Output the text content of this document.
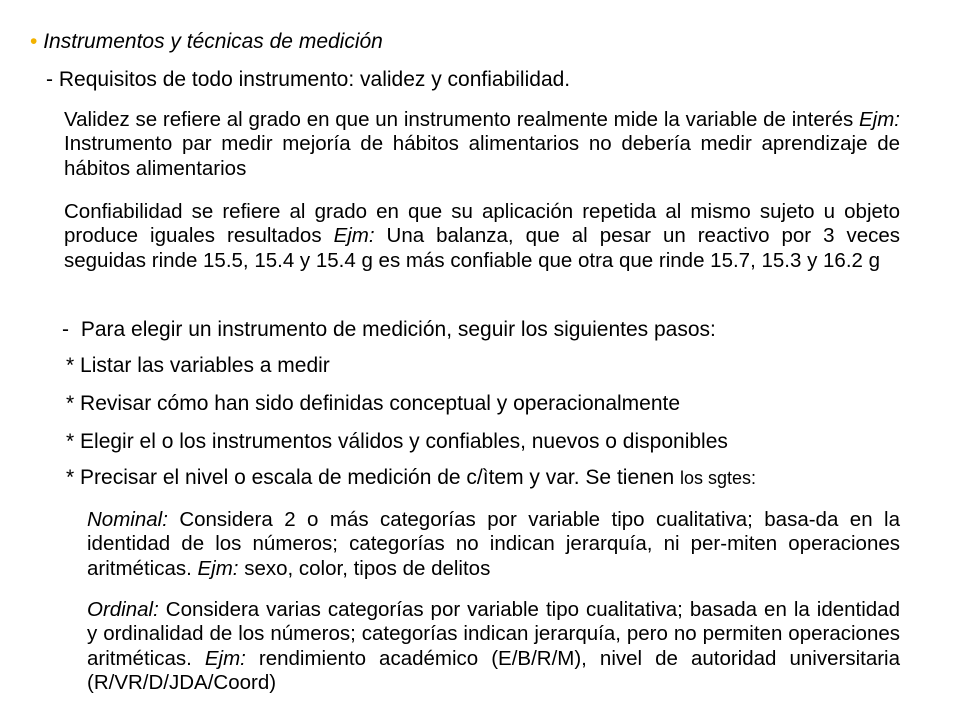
• Instrumentos y técnicas de medición

- Requisitos de todo instrumento: validez y confiabilidad.

Validez se refiere al grado en que un instrumento realmente mide la variable de interés Ejm: Instrumento par medir mejoría de hábitos alimentarios no debería medir aprendizaje de hábitos alimentarios

Confiabilidad se refiere al grado en que su aplicación repetida al mismo sujeto u objeto produce iguales resultados Ejm: Una balanza, que al pesar un reactivo por 3 veces seguidas rinde 15.5, 15.4 y 15.4 g es más confiable que otra que rinde 15.7, 15.3 y 16.2 g

- Para elegir un instrumento de medición, seguir los siguientes pasos:

* Listar las variables a medir

* Revisar cómo han sido definidas conceptual y operacionalmente

* Elegir el o los instrumentos válidos y confiables, nuevos o disponibles

* Precisar el nivel o escala de medición de c/ìtem y var. Se tienen los sgtes:

Nominal: Considera 2 o más categorías por variable tipo cualitativa; basa-da en la identidad de los números; categorías no indican jerarquía, ni per-miten operaciones aritméticas. Ejm: sexo, color, tipos de delitos

Ordinal: Considera varias categorías por variable tipo cualitativa; basada en la identidad y ordinalidad de los números; categorías indican jerarquía, pero no permiten operaciones aritméticas. Ejm: rendimiento académico (E/B/R/M), nivel de autoridad universitaria (R/VR/D/JDA/Coord)
